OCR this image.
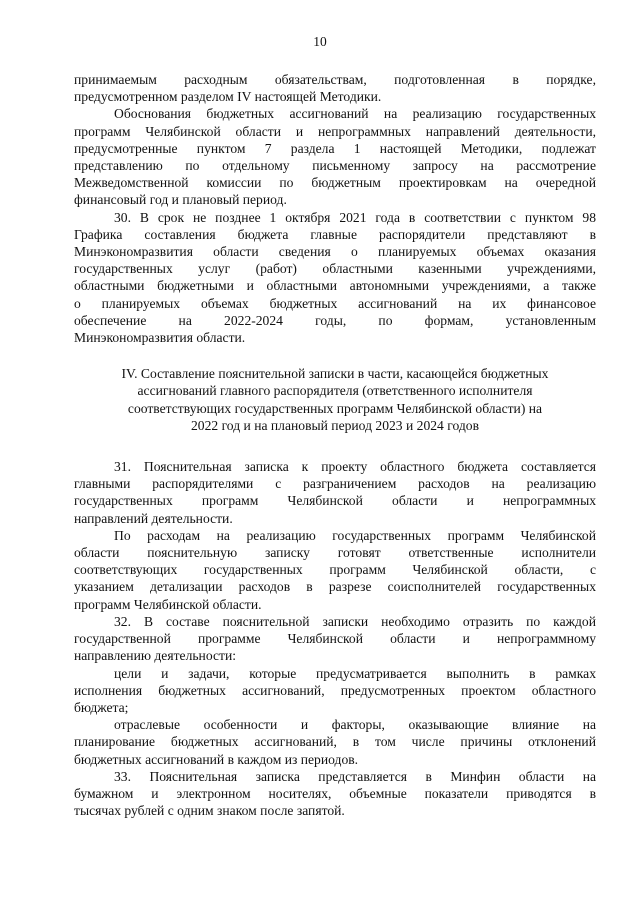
10
принимаемым расходным обязательствам, подготовленная в порядке,
предусмотренном разделом IV настоящей Методики.
Обоснования бюджетных ассигнований на реализацию государственных
программ Челябинской области и непрограммных направлений деятельности,
предусмотренные пунктом 7 раздела 1 настоящей Методики, подлежат
представлению по отдельному письменному запросу на рассмотрение
Межведомственной комиссии по бюджетным проектировкам на очередной
финансовый год и плановый период.
30. В срок не позднее 1 октября 2021 года в соответствии с пунктом 98
Графика составления бюджета главные распорядители представляют в
Минэкономразвития области сведения о планируемых объемах оказания
государственных услуг (работ) областными казенными учреждениями,
областными бюджетными и областными автономными учреждениями, а также
о планируемых объемах бюджетных ассигнований на их финансовое
обеспечение на 2022-2024 годы, по формам, установленным
Минэкономразвития области.
IV. Составление пояснительной записки в части, касающейся бюджетных
ассигнований главного распорядителя (ответственного исполнителя
соответствующих государственных программ Челябинской области) на
2022 год и на плановый период 2023 и 2024 годов
31. Пояснительная записка к проекту областного бюджета составляется
главными распорядителями с разграничением расходов на реализацию
государственных программ Челябинской области и непрограммных
направлений деятельности.
По расходам на реализацию государственных программ Челябинской
области пояснительную записку готовят ответственные исполнители
соответствующих государственных программ Челябинской области, с
указанием детализации расходов в разрезе соисполнителей государственных
программ Челябинской области.
32. В составе пояснительной записки необходимо отразить по каждой
государственной программе Челябинской области и непрограммному
направлению деятельности:
цели и задачи, которые предусматривается выполнить в рамках
исполнения бюджетных ассигнований, предусмотренных проектом областного
бюджета;
отраслевые особенности и факторы, оказывающие влияние на
планирование бюджетных ассигнований, в том числе причины отклонений
бюджетных ассигнований в каждом из периодов.
33. Пояснительная записка представляется в Минфин области на
бумажном и электронном носителях, объемные показатели приводятся в
тысячах рублей с одним знаком после запятой.
